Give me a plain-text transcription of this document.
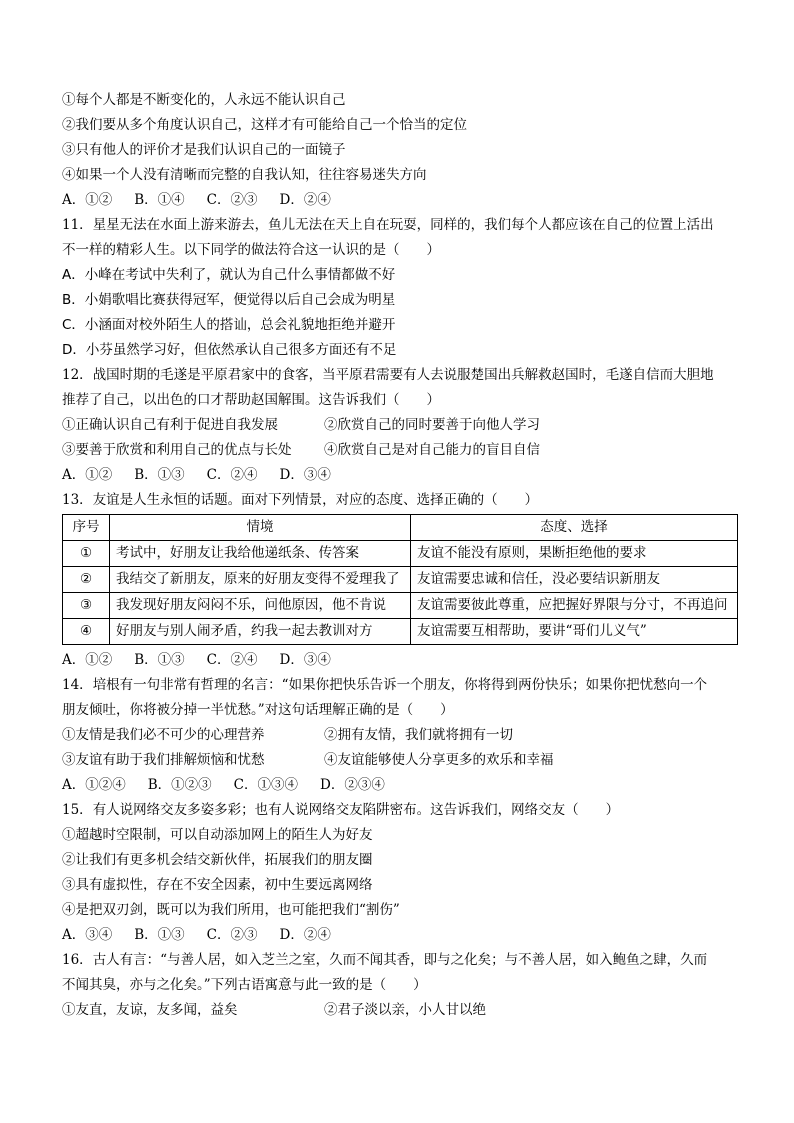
①每个人都是不断变化的，人永远不能认识自己
②我们要从多个角度认识自己，这样才有可能给自己一个恰当的定位
③只有他人的评价才是我们认识自己的一面镜子
④如果一个人没有清晰而完整的自我认知，往往容易迷失方向
A．①② B．①④ C．②③ D．②④
11．星星无法在水面上游来游去，鱼儿无法在天上自在玩耍，同样的，我们每个人都应该在自己的位置上活出
不一样的精彩人生。以下同学的做法符合这一认识的是（　　）
A．小峰在考试中失利了，就认为自己什么事情都做不好
B．小娟歌唱比赛获得冠军，便觉得以后自己会成为明星
C．小涵面对校外陌生人的搭讪，总会礼貌地拒绝并避开
D．小芬虽然学习好，但依然承认自己很多方面还有不足
12．战国时期的毛遂是平原君家中的食客，当平原君需要有人去说服楚国出兵解救赵国时，毛遂自信而大胆地
推荐了自己，以出色的口才帮助赵国解围。这告诉我们（　　）
①正确认识自己有利于促进自我发展	②欣赏自己的同时要善于向他人学习
③要善于欣赏和利用自己的优点与长处	④欣赏自己是对自己能力的盲目自信
A．①② B．①③ C．②④ D．③④
13．友谊是人生永恒的话题。面对下列情景，对应的态度、选择正确的（　　）
序号	情境	态度、选择
①	考试中，好朋友让我给他递纸条、传答案	友谊不能没有原则，果断拒绝他的要求
②	我结交了新朋友，原来的好朋友变得不爱理我了	友谊需要忠诚和信任，没必要结识新朋友
③	我发现好朋友闷闷不乐，问他原因，他不肯说	友谊需要彼此尊重，应把握好界限与分寸，不再追问
④	好朋友与别人闹矛盾，约我一起去教训对方	友谊需要互相帮助，要讲“哥们儿义气”
A．①② B．①③ C．②④ D．③④
14．培根有一句非常有哲理的名言：“如果你把快乐告诉一个朋友，你将得到两份快乐；如果你把忧愁向一个
朋友倾吐，你将被分掉一半忧愁。”对这句话理解正确的是（　　）
①友情是我们必不可少的心理营养	②拥有友情，我们就将拥有一切
③友谊有助于我们排解烦恼和忧愁	④友谊能够使人分享更多的欢乐和幸福
A．①②④ B．①②③ C．①③④ D．②③④
15．有人说网络交友多姿多彩；也有人说网络交友陷阱密布。这告诉我们，网络交友（　　）
①超越时空限制，可以自动添加网上的陌生人为好友
②让我们有更多机会结交新伙伴，拓展我们的朋友圈
③具有虚拟性，存在不安全因素，初中生要远离网络
④是把双刃剑，既可以为我们所用，也可能把我们“割伤”
A．③④ B．①③ C．②③ D．②④
16．古人有言：“与善人居，如入芝兰之室，久而不闻其香，即与之化矣；与不善人居，如入鲍鱼之肆，久而
不闻其臭，亦与之化矣。”下列古语寓意与此一致的是（　　）
①友直，友谅，友多闻，益矣	②君子淡以亲，小人甘以绝
